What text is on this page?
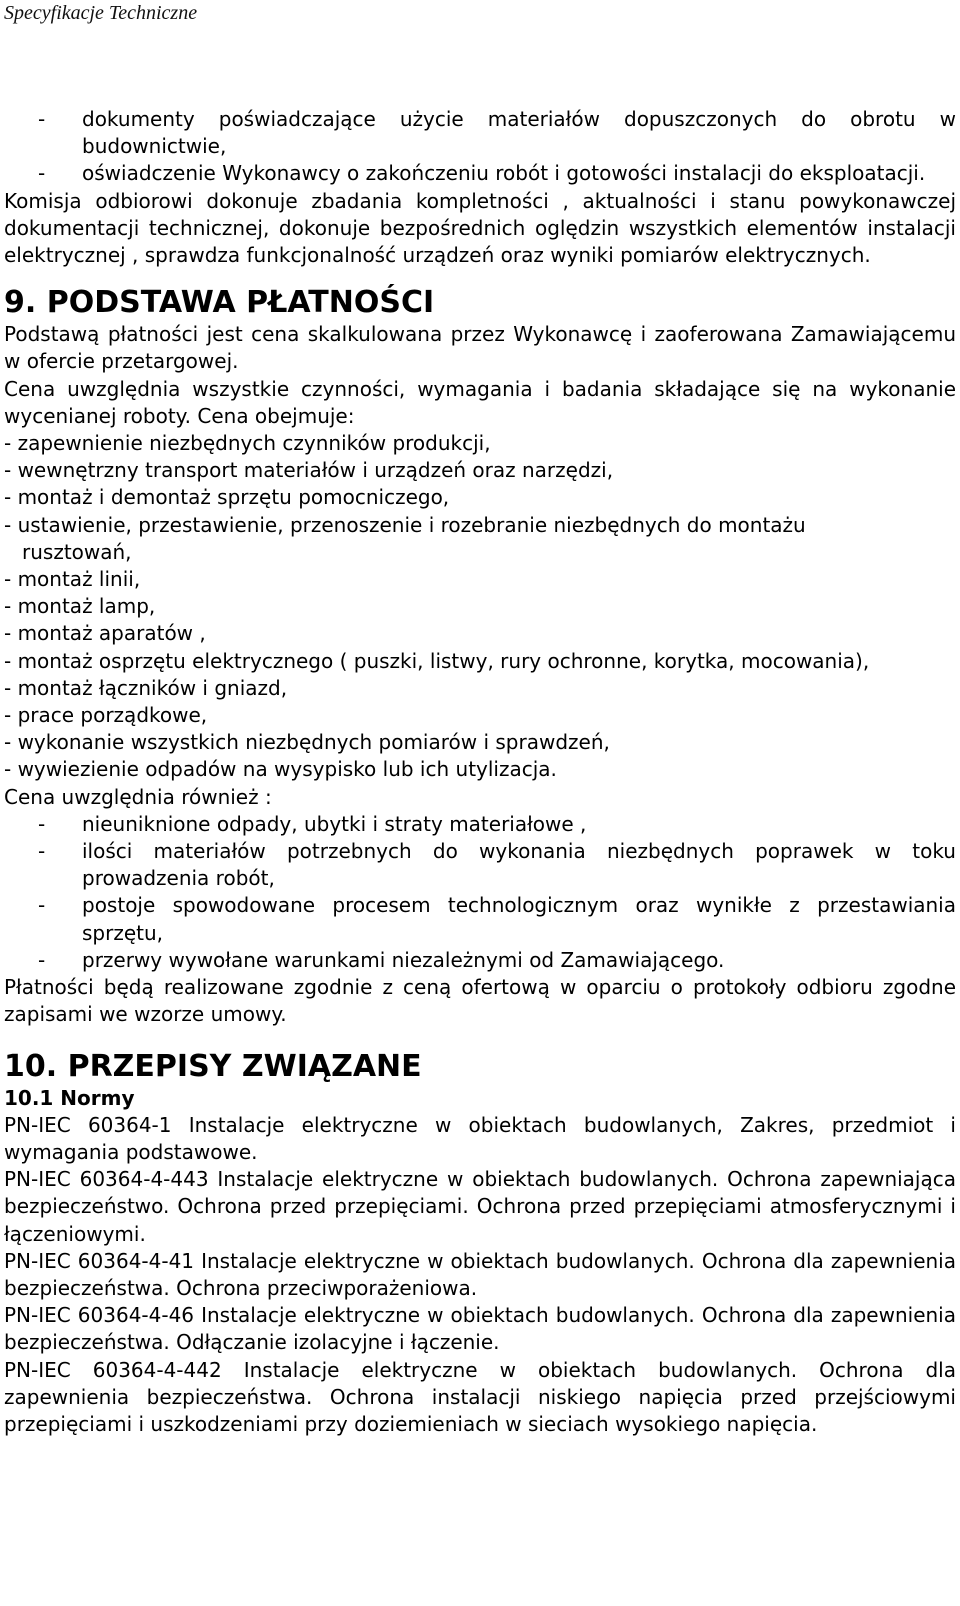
Specyfikacje Techniczne
-	dokumenty poświadczające użycie materiałów dopuszczonych do obrotu w budownictwie,
-	oświadczenie Wykonawcy o zakończeniu robót i gotowości instalacji do eksploatacji.

Komisja odbiorowi dokonuje zbadania kompletności , aktualności i stanu powykonawczej dokumentacji technicznej, dokonuje bezpośrednich oględzin wszystkich elementów instalacji elektrycznej , sprawdza funkcjonalność urządzeń oraz wyniki pomiarów elektrycznych.

9. PODSTAWA PŁATNOŚCI

Podstawą płatności jest cena skalkulowana przez Wykonawcę i zaoferowana Zamawiającemu w ofercie przetargowej.

Cena uwzględnia wszystkie czynności, wymagania i badania składające się na wykonanie wycenianej roboty. Cena obejmuje:

- zapewnienie niezbędnych czynników produkcji,
- wewnętrzny transport materiałów i urządzeń oraz narzędzi,
- montaż i demontaż sprzętu pomocniczego,
- ustawienie, przestawienie, przenoszenie i rozebranie niezbędnych do montażu
rusztowań,
- montaż linii,
- montaż lamp,
- montaż aparatów ,
- montaż osprzętu elektrycznego ( puszki, listwy, rury ochronne, korytka, mocowania),
- montaż łączników i gniazd,
- prace porządkowe,
- wykonanie wszystkich niezbędnych pomiarów i sprawdzeń,
- wywiezienie odpadów na wysypisko lub ich utylizacja.

Cena uwzględnia również :

-	nieuniknione odpady, ubytki i straty materiałowe ,
-	ilości materiałów potrzebnych do wykonania niezbędnych poprawek w toku prowadzenia robót,
-	postoje spowodowane procesem technologicznym oraz wynikłe z przestawiania sprzętu,
-	przerwy wywołane warunkami niezależnymi od Zamawiającego.

Płatności będą realizowane zgodnie z ceną ofertową w oparciu o protokoły odbioru zgodne zapisami we wzorze umowy.

10. PRZEPISY ZWIĄZANE
10.1 Normy

PN-IEC 60364-1 Instalacje elektryczne w obiektach budowlanych, Zakres, przedmiot i wymagania podstawowe.

PN-IEC 60364-4-443 Instalacje elektryczne w obiektach budowlanych. Ochrona zapewniająca bezpieczeństwo. Ochrona przed przepięciami. Ochrona przed przepięciami atmosferycznymi i łączeniowymi.

PN-IEC 60364-4-41 Instalacje elektryczne w obiektach budowlanych. Ochrona dla zapewnienia bezpieczeństwa. Ochrona przeciwporażeniowa.

PN-IEC 60364-4-46 Instalacje elektryczne w obiektach budowlanych. Ochrona dla zapewnienia bezpieczeństwa. Odłączanie izolacyjne i łączenie.

PN-IEC 60364-4-442 Instalacje elektryczne w obiektach budowlanych. Ochrona dla zapewnienia bezpieczeństwa. Ochrona instalacji niskiego napięcia przed przejściowymi przepięciami i uszkodzeniami przy doziemieniach w sieciach wysokiego napięcia.
